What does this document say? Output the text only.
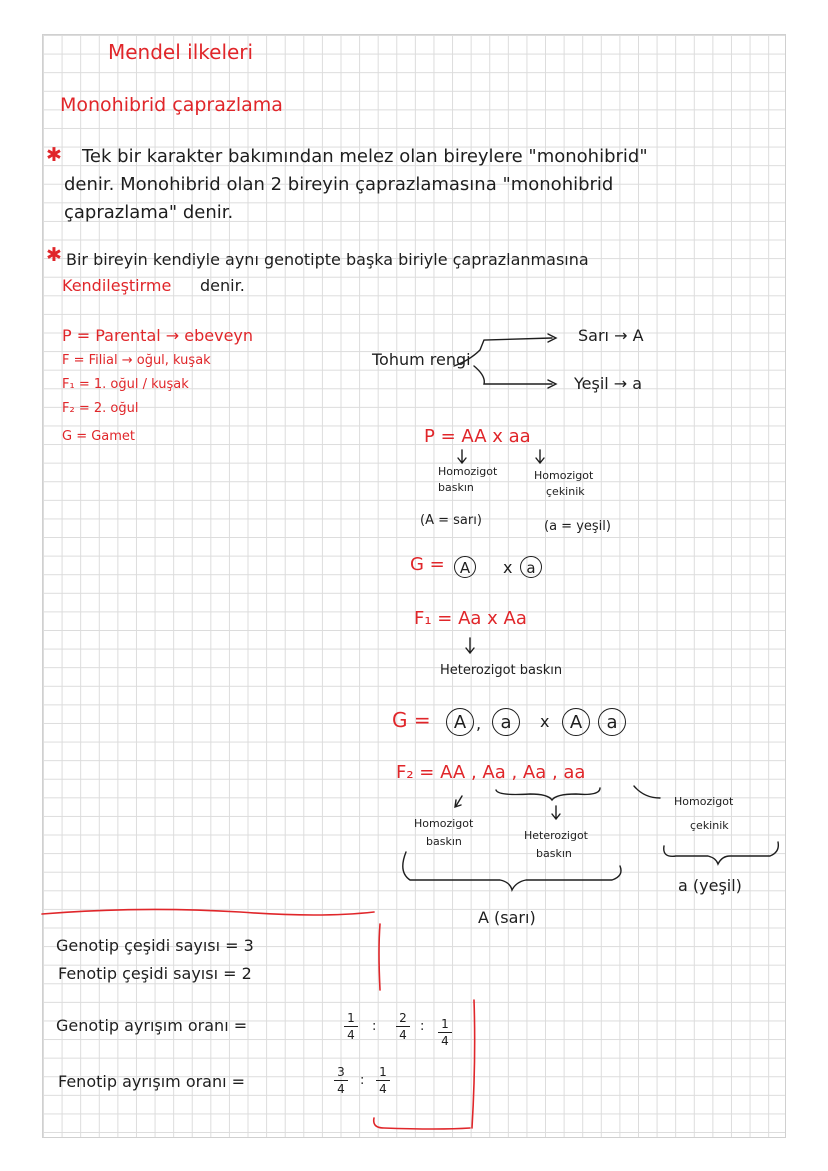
Mendel ilkeleri
Monohibrid çaprazlama
✱ Tek bir karakter bakımından melez olan bireylere "monohibrid"
denir. Monohibrid olan 2 bireyin çaprazlamasına "monohibrid
çaprazlama" denir.
✱ Bir bireyin kendiyle aynı genotipte başka biriyle çaprazlanmasına
Kendileştirme denir.
P = Parental → ebeveyn
F = Filial → oğul, kuşak
F₁ = 1. oğul / kuşak
F₂ = 2. oğul
G = Gamet
Tohum rengi
Sarı → A
Yeşil → a
P = AA x aa
Homozigot
baskın
(A = sarı)
Homozigot
çekinik
(a = yeşil)
G =	A	x a
F₁ = Aa x Aa
Heterozigot baskın
G =	A ,	a	x	A	a
F₂ = AA , Aa , Aa , aa
Homozigot
baskın	Heterozigot
baskın
Homozigot
çekinik
A (sarı)
a (yeşil)
Genotip çeşidi sayısı = 3
Fenotip çeşidi sayısı = 2
Genotip ayrışım oranı =
Fenotip ayrışım oranı =
1
4
:
2
4
: 1
4
3
4
:
1
4
